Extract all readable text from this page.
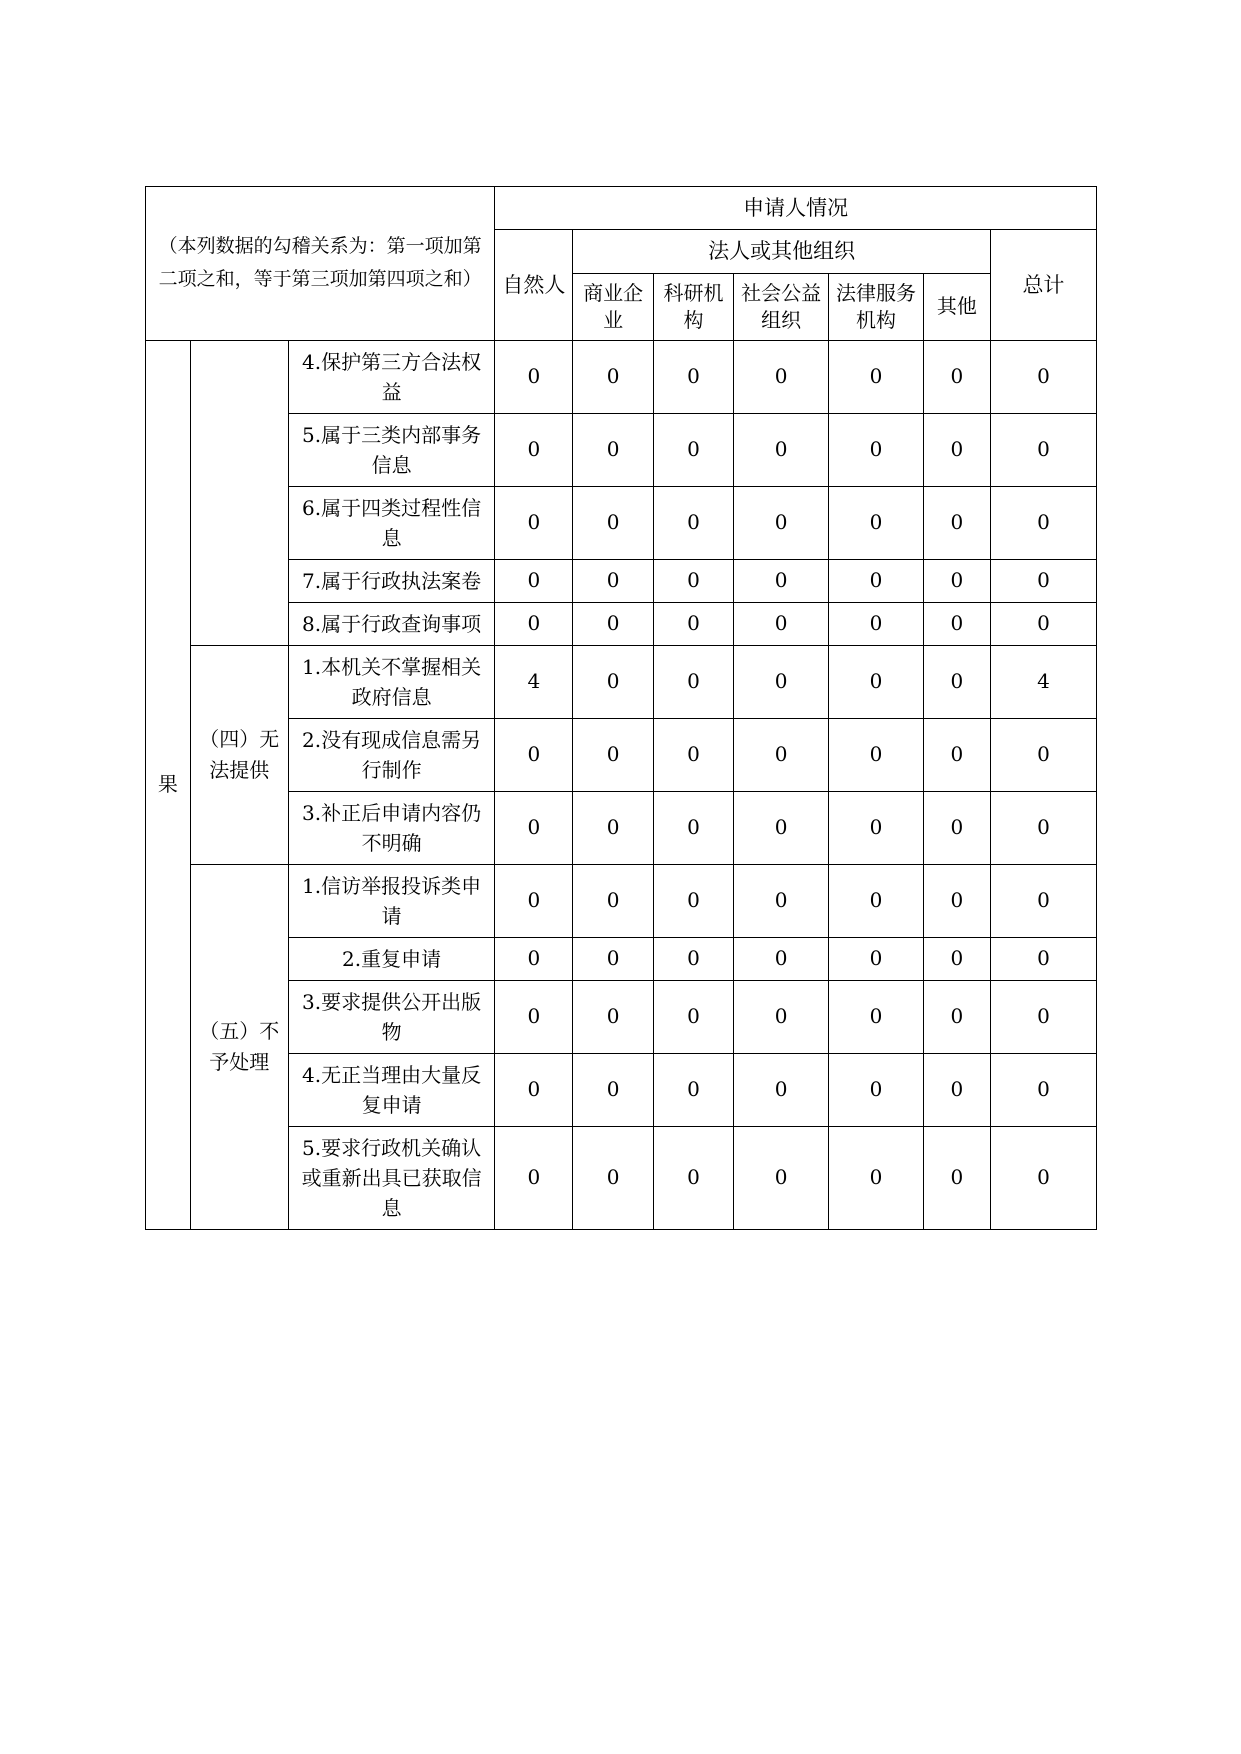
（本列数据的勾稽关系为：第一项加第二项之和，等于第三项加第四项之和）			申请人情况						
			自然人	法人或其他组织					总计
				商业企业	科研机构	社会公益组织	法律服务机构	其他	
果		4.保护第三方合法权益	0	0	0	0	0	0	0
		5.属于三类内部事务信息	0	0	0	0	0	0	0
		6.属于四类过程性信息	0	0	0	0	0	0	0
		7.属于行政执法案卷	0	0	0	0	0	0	0
		8.属于行政查询事项	0	0	0	0	0	0	0
	（四）无法提供	1.本机关不掌握相关政府信息	4	0	0	0	0	0	4
		2.没有现成信息需另行制作	0	0	0	0	0	0	0
		3.补正后申请内容仍不明确	0	0	0	0	0	0	0
	（五）不予处理	1.信访举报投诉类申请	0	0	0	0	0	0	0
		2.重复申请	0	0	0	0	0	0	0
		3.要求提供公开出版物	0	0	0	0	0	0	0
		4.无正当理由大量反复申请	0	0	0	0	0	0	0
		5.要求行政机关确认或重新出具已获取信息	0	0	0	0	0	0	0
